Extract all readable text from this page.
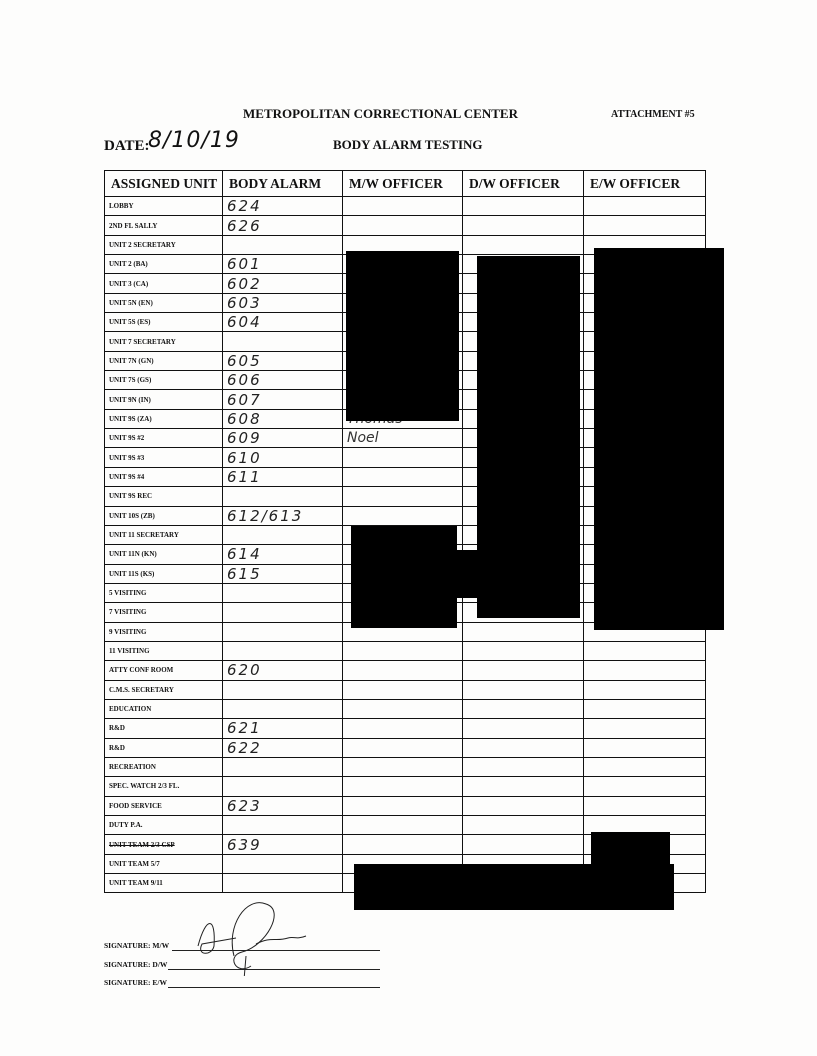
METROPOLITAN CORRECTIONAL CENTER	ATTACHMENT #5
DATE:
8/10/19	BODY ALARM TESTING
ASSIGNED UNIT	BODY ALARM	M/W OFFICER	D/W OFFICER	E/W OFFICER
LOBBY	624			
2ND FL SALLY	626			
UNIT 2 SECRETARY				
UNIT 2 (BA)	601			
UNIT 3 (CA)	602			
UNIT 5N (EN)	603			
UNIT 5S (ES)	604			
UNIT 7 SECRETARY				
UNIT 7N (GN)	605			
UNIT 7S (GS)	606			
UNIT 9N (IN)	607			
UNIT 9S (ZA)	608			
UNIT 9S #2	609	Noel		
UNIT 9S #3	610			
UNIT 9S #4	611			
UNIT 9S REC				
UNIT 10S (ZB)	612/613			
UNIT 11 SECRETARY				
UNIT 11N (KN)	614			
UNIT 11S (KS)	615			
5 VISITING				
7 VISITING				
9 VISITING				
11 VISITING				
ATTY CONF ROOM	620			
C.M.S. SECRETARY				
EDUCATION				
R&D	621			
R&D	622			
RECREATION				
SPEC. WATCH 2/3 FL.				
FOOD SERVICE	623			
DUTY P.A.				
UNIT TEAM 2/3 CSP	639			
UNIT TEAM 5/7				
UNIT TEAM 9/11				
SIGNATURE: M/W
SIGNATURE: D/W
SIGNATURE: E/W
